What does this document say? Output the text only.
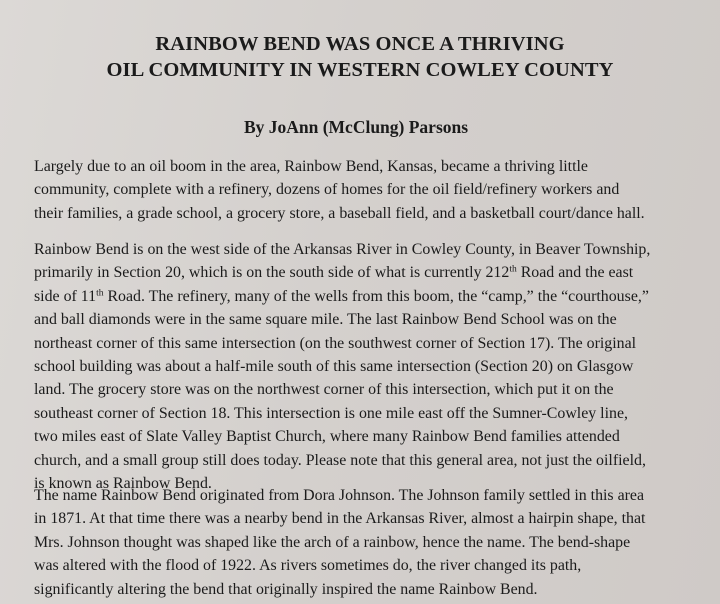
RAINBOW BEND WAS ONCE A THRIVING
OIL COMMUNITY IN WESTERN COWLEY COUNTY
By JoAnn (McClung) Parsons
Largely due to an oil boom in the area, Rainbow Bend, Kansas, became a thriving little
community, complete with a refinery, dozens of homes for the oil field/refinery workers and
their families, a grade school, a grocery store, a baseball field, and a basketball court/dance hall.
Rainbow Bend is on the west side of the Arkansas River in Cowley County, in Beaver Township,
primarily in Section 20, which is on the south side of what is currently 212th Road and the east
side of 11th Road. The refinery, many of the wells from this boom, the “camp,” the “courthouse,”
and ball diamonds were in the same square mile. The last Rainbow Bend School was on the
northeast corner of this same intersection (on the southwest corner of Section 17). The original
school building was about a half-mile south of this same intersection (Section 20) on Glasgow
land. The grocery store was on the northwest corner of this intersection, which put it on the
southeast corner of Section 18. This intersection is one mile east off the Sumner-Cowley line,
two miles east of Slate Valley Baptist Church, where many Rainbow Bend families attended
church, and a small group still does today. Please note that this general area, not just the oilfield,
is known as Rainbow Bend.
The name Rainbow Bend originated from Dora Johnson. The Johnson family settled in this area
in 1871. At that time there was a nearby bend in the Arkansas River, almost a hairpin shape, that
Mrs. Johnson thought was shaped like the arch of a rainbow, hence the name. The bend-shape
was altered with the flood of 1922. As rivers sometimes do, the river changed its path,
significantly altering the bend that originally inspired the name Rainbow Bend.
